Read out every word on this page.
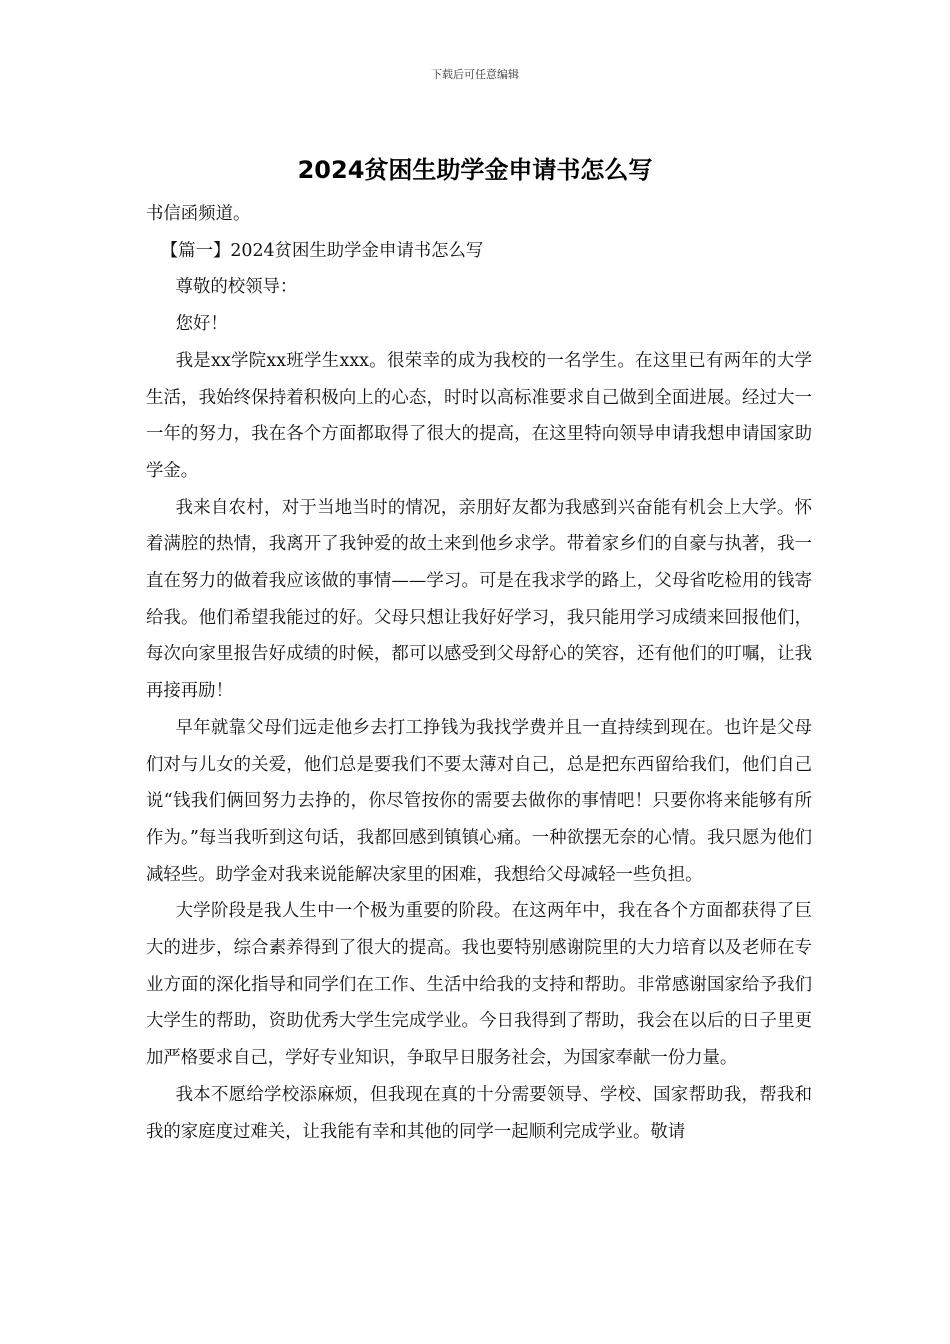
下载后可任意编辑
2024贫困生助学金申请书怎么写

书信函频道。

【篇一】2024贫困生助学金申请书怎么写

尊敬的校领导：

您好！

我是xx学院xx班学生xxx。很荣幸的成为我校的一名学生。在这里已有两年的大学生活，我始终保持着积极向上的心态，时时以高标准要求自己做到全面进展。经过大一一年的努力，我在各个方面都取得了很大的提高，在这里特向领导申请我想申请国家助学金。

我来自农村，对于当地当时的情况，亲朋好友都为我感到兴奋能有机会上大学。怀着满腔的热情，我离开了我钟爱的故土来到他乡求学。带着家乡们的自豪与执著，我一直在努力的做着我应该做的事情——学习。可是在我求学的路上，父母省吃检用的钱寄给我。他们希望我能过的好。父母只想让我好好学习，我只能用学习成绩来回报他们，每次向家里报告好成绩的时候，都可以感受到父母舒心的笑容，还有他们的叮嘱，让我再接再励！

早年就靠父母们远走他乡去打工挣钱为我找学费并且一直持续到现在。也许是父母们对与儿女的关爱，他们总是要我们不要太薄对自己，总是把东西留给我们，他们自己说“钱我们俩回努力去挣的，你尽管按你的需要去做你的事情吧！只要你将来能够有所作为。”每当我听到这句话，我都回感到镇镇心痛。一种欲摆无奈的心情。我只愿为他们减轻些。助学金对我来说能解决家里的困难，我想给父母减轻一些负担。

大学阶段是我人生中一个极为重要的阶段。在这两年中，我在各个方面都获得了巨大的进步，综合素养得到了很大的提高。我也要特别感谢院里的大力培育以及老师在专业方面的深化指导和同学们在工作、生活中给我的支持和帮助。非常感谢国家给予我们大学生的帮助，资助优秀大学生完成学业。今日我得到了帮助，我会在以后的日子里更加严格要求自己，学好专业知识，争取早日服务社会，为国家奉献一份力量。

我本不愿给学校添麻烦，但我现在真的十分需要领导、学校、国家帮助我，帮我和我的家庭度过难关，让我能有幸和其他的同学一起顺利完成学业。敬请
